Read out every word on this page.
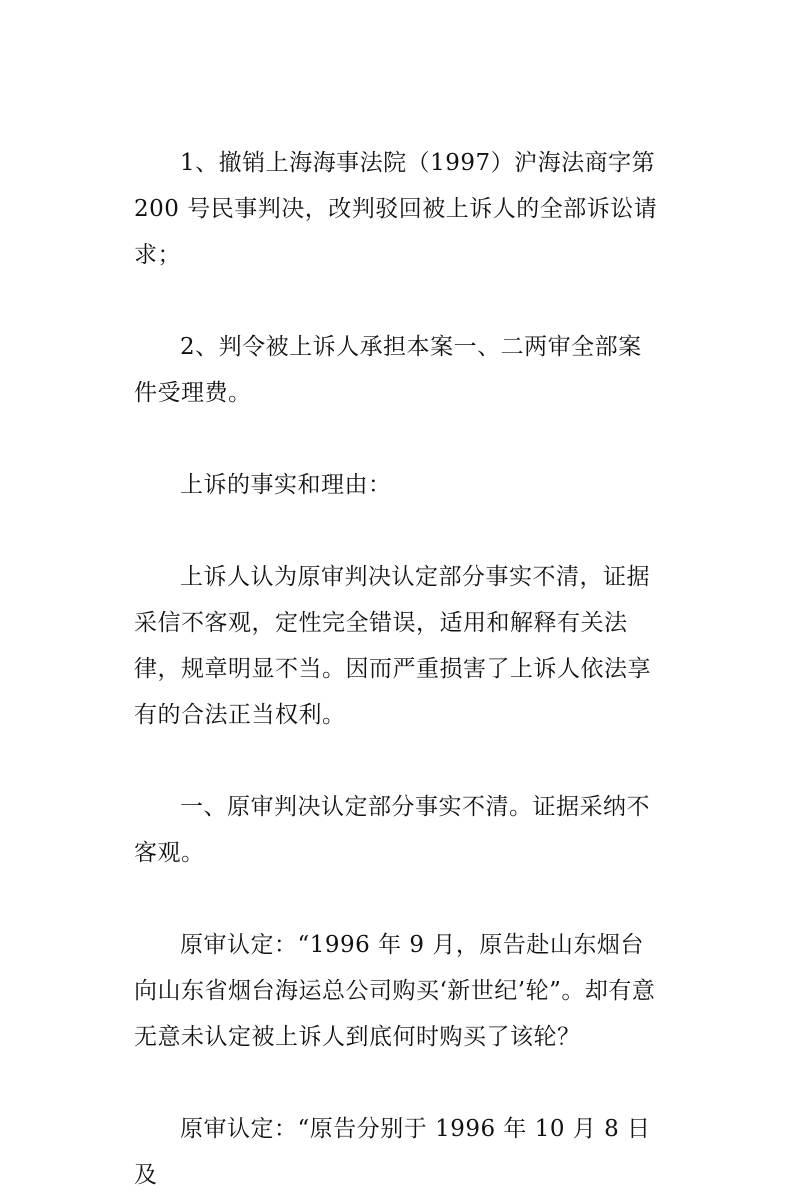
1、撤销上海海事法院（1997）沪海法商字第 200 号民事判决，改判驳回被上诉人的全部诉讼请求；

2、判令被上诉人承担本案一、二两审全部案件受理费。

上诉的事实和理由：

上诉人认为原审判决认定部分事实不清，证据采信不客观，定性完全错误，适用和解释有关法律，规章明显不当。因而严重损害了上诉人依法享有的合法正当权利。

一、原审判决认定部分事实不清。证据采纳不客观。

原审认定：“1996 年 9 月，原告赴山东烟台向山东省烟台海运总公司购买‘新世纪’轮”。却有意无意未认定被上诉人到底何时购买了该轮？

原审认定：“原告分别于 1996 年 10 月 8 日及
